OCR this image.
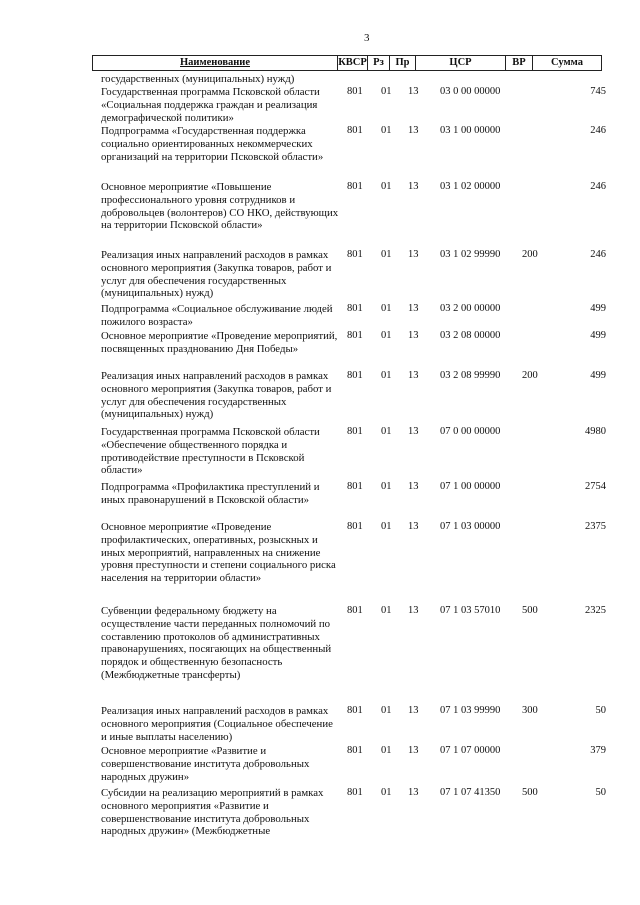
3
Наименование	КВСР Рз	Пр	ЦСР	ВР	Сумма
государственных (муниципальных) нужд)
Государственная программа Псковской области «Социальная поддержка граждан и реализация демографической политики»
801 01 13 03 0 00 00000	745
Подпрограмма «Государственная поддержка социально ориентированных некоммерческих организаций на территории Псковской области»
801 01 13 03 1 00 00000	246
Основное мероприятие «Повышение профессионального уровня сотрудников и добровольцев (волонтеров) СО НКО, действующих на территории Псковской области»
801 01 13 03 1 02 00000	246
Реализация иных направлений расходов в рамках основного мероприятия (Закупка товаров, работ и услуг для обеспечения государственных (муниципальных) нужд)
801 01 13 03 1 02 99990 200	246
Подпрограмма «Социальное обслуживание людей пожилого возраста»
801 01 13 03 2 00 00000	499
Основное мероприятие «Проведение мероприятий, посвященных празднованию Дня Победы»
801 01 13 03 2 08 00000	499
Реализация иных направлений расходов в рамках основного мероприятия (Закупка товаров, работ и услуг для обеспечения государственных (муниципальных) нужд)
801 01 13 03 2 08 99990 200	499
Государственная программа Псковской области «Обеспечение общественного порядка и противодействие преступности в Псковской области»
801 01 13 07 0 00 00000	4980
Подпрограмма «Профилактика преступлений и иных правонарушений в Псковской области»
801 01 13 07 1 00 00000	2754
Основное мероприятие «Проведение профилактических, оперативных, розыскных и иных мероприятий, направленных на снижение уровня преступности и степени социального риска населения на территории области»
801 01 13 07 1 03 00000	2375
Субвенции федеральному бюджету на осуществление части переданных полномочий по составлению протоколов об административных правонарушениях, посягающих на общественный порядок и общественную безопасность (Межбюджетные трансферты)
801 01 13 07 1 03 57010 500	2325
Реализация иных направлений расходов в рамках основного мероприятия (Социальное обеспечение и иные выплаты населению)
801 01 13 07 1 03 99990 300	50
Основное мероприятие «Развитие и совершенствование института добровольных народных дружин»
801 01 13 07 1 07 00000	379
Субсидии на реализацию мероприятий в рамках основного мероприятия «Развитие и совершенствование института добровольных народных дружин» (Межбюджетные
801 01 13 07 1 07 41350 500	50
